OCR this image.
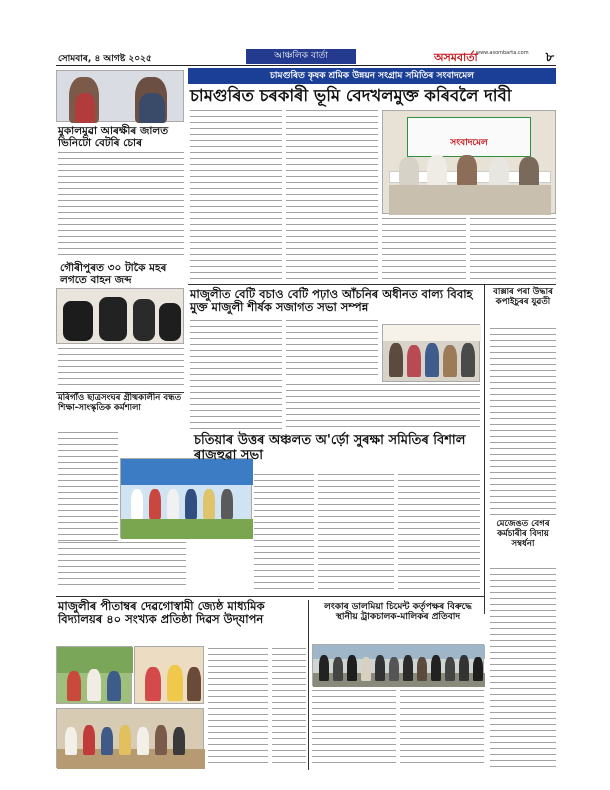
সোমবাৰ, ৪ আগষ্ট ২০২৫	আঞ্চলিক বাৰ্তা	অসমবাৰ্তা
www.asombarta.com	৮
মুকালমুৱা আৰক্ষীৰ জালত ভিনিটো বেটৰি চোৰ
গৌৰীপুৰত ৩০ টাকৈ মহৰ লগতে বাহন জব্দ
চামগুৰিত কৃষক শ্ৰমিক উন্নয়ন সংগ্ৰাম সমিতিৰ সংবাদমেল
চামগুৰিত চৰকাৰী ভূমি বেদখলমুক্ত কৰিবলৈ দাবী
সংবাদমেল
মাজুলীত বেটি বচাও বেটি পঢ়াও আঁচনিৰ অধীনত বাল্য বিবাহ মুক্ত মাজুলী শীৰ্ষক সজাগত সভা সম্পন্ন
বাক্সাৰ পৰা উদ্ধাৰ কপাইচুৰৰ যুৱতী
মৰিগাঁও ছাত্ৰসংঘৰ গ্ৰীষ্মকালীন বন্ধত শিক্ষা-সাংস্কৃতিক কৰ্মশালা
চতিয়াৰ উত্তৰ অঞ্চলত অ'ৰ্ড়ো সুৰক্ষা সমিতিৰ বিশাল ৰাজহুৱা সভা
মেজেঙত বেগৰ কৰ্মচাৰীৰ বিদায় সম্বৰ্ধনা
মাজুলীৰ পীতাম্বৰ দেৱগোস্বামী জ্যেষ্ঠ মাধ্যমিক বিদ্যালয়ৰ ৪০ সংখ্যক প্ৰতিষ্ঠা দিৱস উদ্‌যাপন
লংকাৰ ডালমিয়া চিমেন্ট কৰ্তৃপক্ষৰ বিৰুদ্ধে স্থানীয় ট্ৰাকচালক-মালিকৰ প্ৰতিবাদ
